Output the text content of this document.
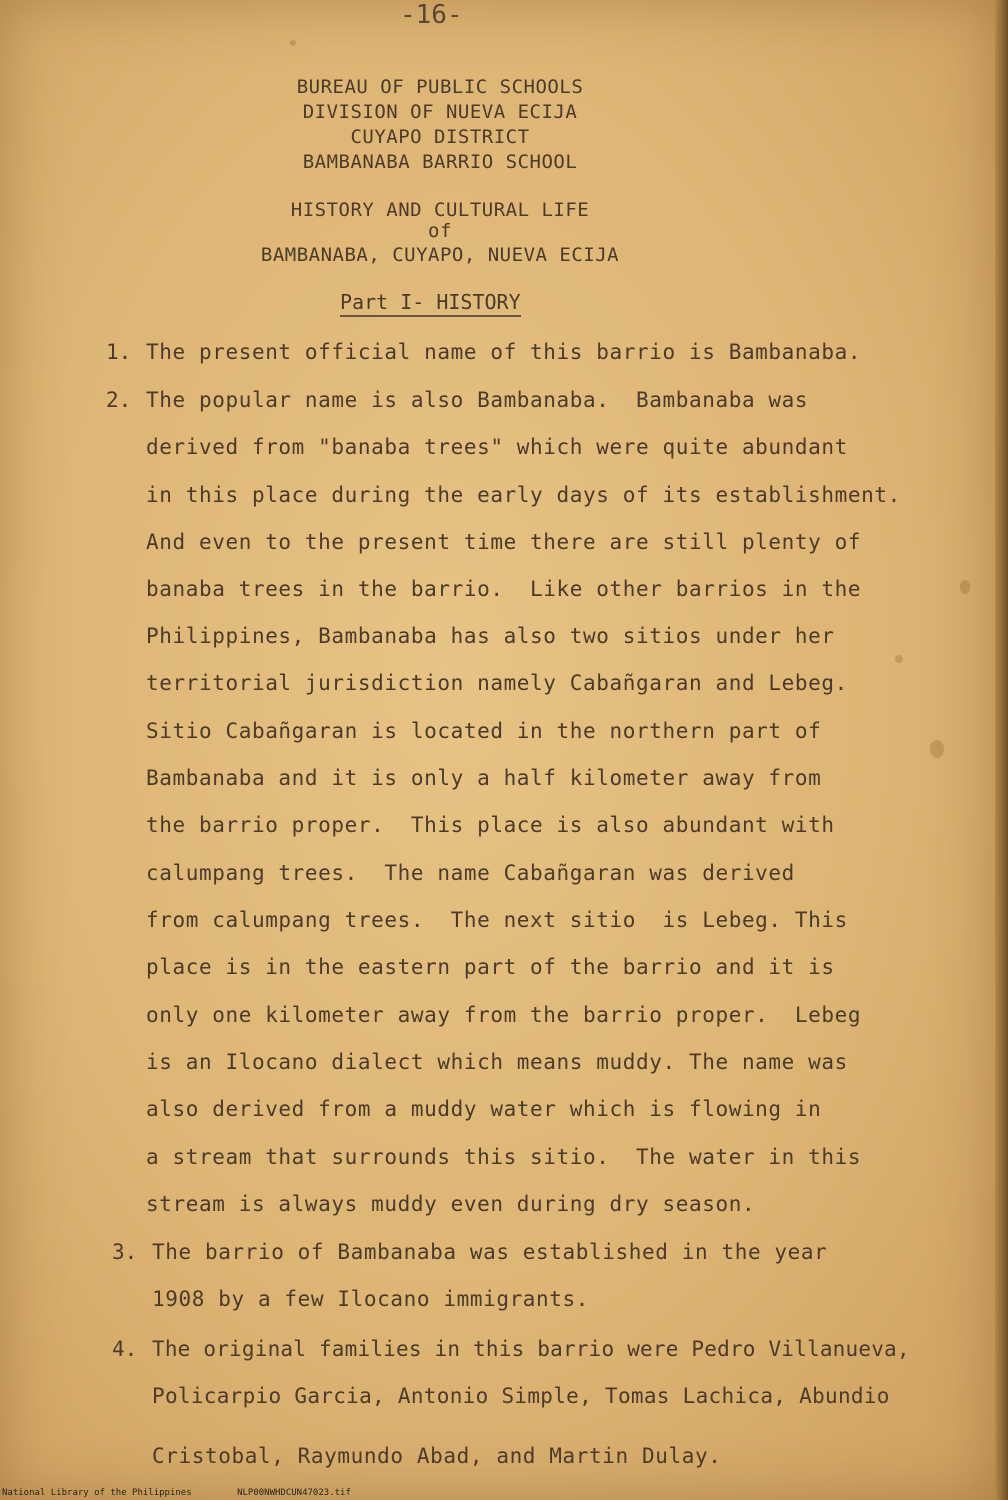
-16-
BUREAU OF PUBLIC SCHOOLS
DIVISION OF NUEVA ECIJA
CUYAPO DISTRICT
BAMBANABA BARRIO SCHOOL
HISTORY AND CULTURAL LIFE
of
BAMBANABA, CUYAPO, NUEVA ECIJA
Part I- HISTORY
1. The present official name of this barrio is Bambanaba.
2. The popular name is also Bambanaba.  Bambanaba was
derived from "banaba trees" which were quite abundant
in this place during the early days of its establishment.
And even to the present time there are still plenty of
banaba trees in the barrio.  Like other barrios in the
Philippines, Bambanaba has also two sitios under her
territorial jurisdiction namely Cabañgaran and Lebeg.
Sitio Cabañgaran is located in the northern part of
Bambanaba and it is only a half kilometer away from
the barrio proper.  This place is also abundant with
calumpang trees.  The name Cabañgaran was derived
from calumpang trees.  The next sitio  is Lebeg. This
place is in the eastern part of the barrio and it is
only one kilometer away from the barrio proper.  Lebeg
is an Ilocano dialect which means muddy. The name was
also derived from a muddy water which is flowing in
a stream that surrounds this sitio.  The water in this
stream is always muddy even during dry season.
3. The barrio of Bambanaba was established in the year
1908 by a few Ilocano immigrants.
4. The original families in this barrio were Pedro Villanueva,
Policarpio Garcia, Antonio Simple, Tomas Lachica, Abundio
Cristobal, Raymundo Abad, and Martin Dulay.
National Library of the Philippines	NLP00NWHDCUN47023.tif
